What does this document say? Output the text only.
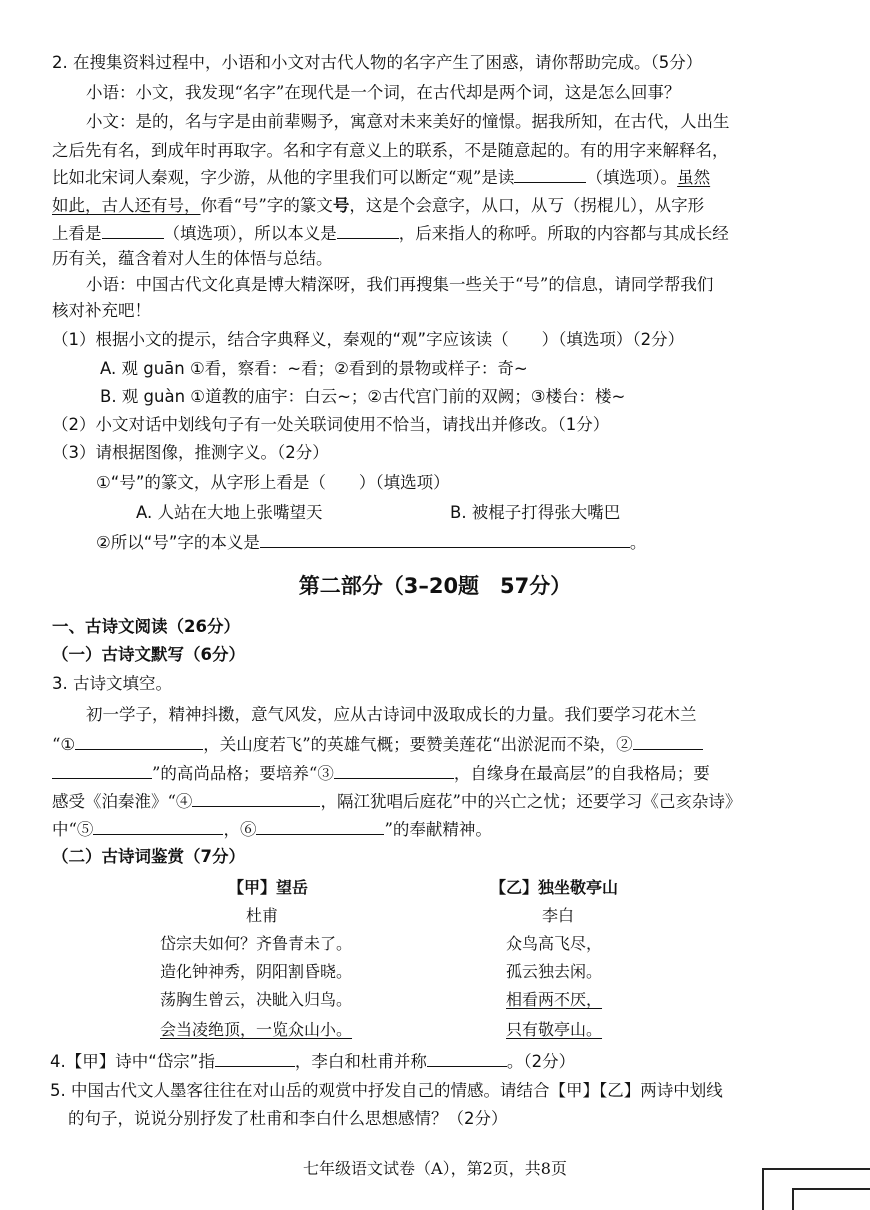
2. 在搜集资料过程中，小语和小文对古代人物的名字产生了困惑，请你帮助完成。（5分）
小语：小文，我发现“名字”在现代是一个词，在古代却是两个词，这是怎么回事？
小文：是的，名与字是由前辈赐予，寓意对未来美好的憧憬。据我所知，在古代，人出生
之后先有名，到成年时再取字。名和字有意义上的联系，不是随意起的。有的用字来解释名，
比如北宋词人秦观，字少游，从他的字里我们可以断定“观”是读	（填选项）。虽然
如此，古人还有号，你看“号”字的篆文号，这是个会意字，从口，从丂（拐棍儿），从字形
上看是	（填选项），所以本义是	，后来指人的称呼。所取的内容都与其成长经
历有关，蕴含着对人生的体悟与总结。
小语：中国古代文化真是博大精深呀，我们再搜集一些关于“号”的信息，请同学帮我们
核对补充吧！
（1）根据小文的提示，结合字典释义，秦观的“观”字应该读（　　）（填选项）（2分）
A. 观 guān ①看，察看：~看；②看到的景物或样子：奇~
B. 观 guàn ①道教的庙宇：白云~；②古代宫门前的双阙；③楼台：楼~
（2）小文对话中划线句子有一处关联词使用不恰当，请找出并修改。（1分）
（3）请根据图像，推测字义。（2分）
①“号”的篆文，从字形上看是（　　）（填选项）
A. 人站在大地上张嘴望天	B. 被棍子打得张大嘴巴
②所以“号”字的本义是	。
第二部分（3–20题　57分）
一、古诗文阅读（26分）
（一）古诗文默写（6分）
3. 古诗文填空。
初一学子，精神抖擞，意气风发，应从古诗词中汲取成长的力量。我们要学习花木兰
“①	，关山度若飞”的英雄气概；要赞美莲花“出淤泥而不染，②
”的高尚品格；要培养“③	，自缘身在最高层”的自我格局；要
感受《泊秦淮》“④	，隔江犹唱后庭花”中的兴亡之忧；还要学习《己亥杂诗》
中“⑤	，⑥	”的奉献精神。
（二）古诗词鉴赏（7分）
【甲】望岳
杜甫
岱宗夫如何？齐鲁青未了。
造化钟神秀，阴阳割昏晓。
荡胸生曾云，决眦入归鸟。
会当凌绝顶，一览众山小。
【乙】独坐敬亭山
李白
众鸟高飞尽，
孤云独去闲。
相看两不厌，
只有敬亭山。
4.【甲】诗中“岱宗”指	，李白和杜甫并称	。（2分）
5. 中国古代文人墨客往往在对山岳的观赏中抒发自己的情感。请结合【甲】【乙】两诗中划线
的句子，说说分别抒发了杜甫和李白什么思想感情？（2分）
七年级语文试卷（A），第2页，共8页
